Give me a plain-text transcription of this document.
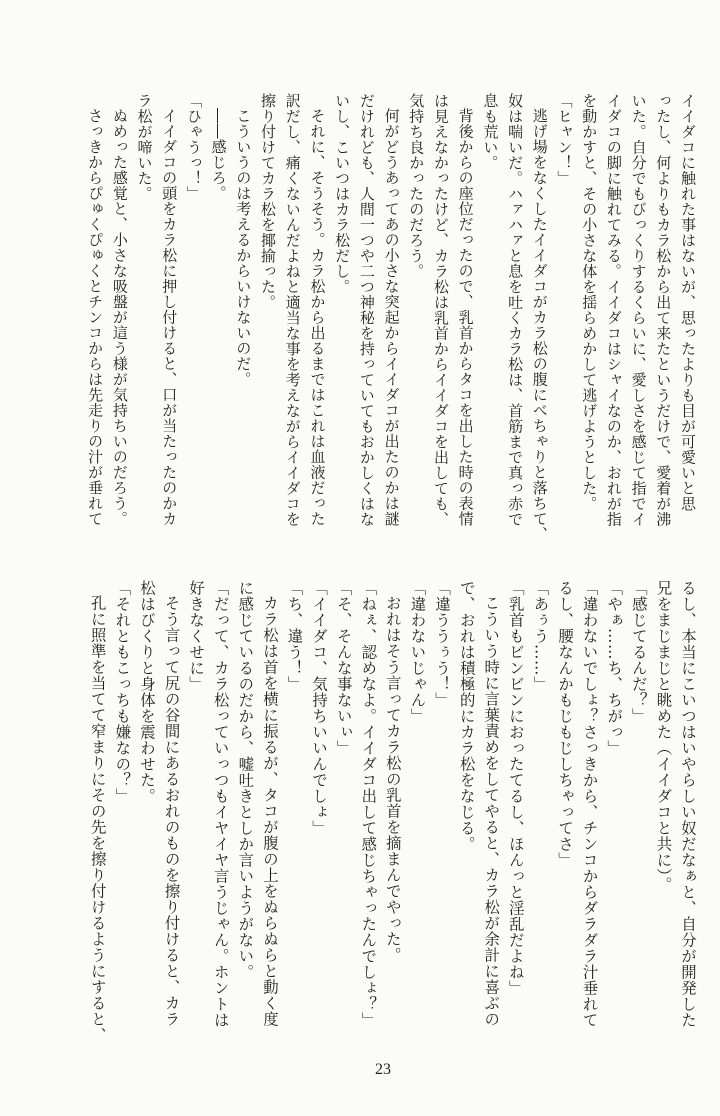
イイダコに触れた事はないが、思ったよりも目が可愛いと思
ったし、何よりもカラ松から出て来たというだけで、愛着が沸
いた。自分でもびっくりするくらいに、愛しさを感じて指でイ
イダコの脚に触れてみる。イイダコはシャイなのか、おれが指
を動かすと、その小さな体を揺らめかして逃げようとした。
「ヒャン！」
逃げ場をなくしたイイダコがカラ松の腹にべちゃりと落ちて、
奴は喘いだ。ハァハァと息を吐くカラ松は、首筋まで真っ赤で
息も荒い。
背後からの座位だったので、乳首からタコを出した時の表情
は見えなかったけど、カラ松は乳首からイイダコを出しても、
気持ち良かったのだろう。
何がどうあってあの小さな突起からイイダコが出たのかは謎
だけれども、人間一つや二つ神秘を持っていてもおかしくはな
いし、こいつはカラ松だし。
それに、そうそう。カラ松から出るまではこれは血液だった
訳だし、痛くないんだよねと適当な事を考えながらイイダコを
擦り付けてカラ松を揶揄った。
こういうのは考えるからいけないのだ。
――感じろ。
「ひゃうっ！」
イイダコの頭をカラ松に押し付けると、口が当たったのかカ
ラ松が啼いた。
ぬめった感覚と、小さな吸盤が這う様が気持ちいのだろう。
さっきからぴゅくぴゅくとチンコからは先走りの汁が垂れて
るし、本当にこいつはいやらしい奴だなぁと、自分が開発した
兄をまじまじと眺めた（イイダコと共に）。
「感じてるんだ？」
「やぁ……ち、ちがっ」
「違わないでしょ？さっきから、チンコからダラダラ汁垂れて
るし、腰なんかもじもじしちゃってさ」
「あぅう……」
「乳首もビンビンにおったてるし、ほんっと淫乱だよね」
こういう時に言葉責めをしてやると、カラ松が余計に喜ぶの
で、おれは積極的にカラ松をなじる。
「違ううぅう！」
「違わないじゃん」
おれはそう言ってカラ松の乳首を摘まんでやった。
「ねぇ、認めなよ。イイダコ出して感じちゃったんでしょ？」
「そ、そんな事ないぃ」
「イイダコ、気持ちいいんでしょ」
「ち、違う！」
カラ松は首を横に振るが、タコが腹の上をぬらぬらと動く度
に感じているのだから、嘘吐きとしか言いようがない。
「だって、カラ松っていっつもイヤイヤ言うじゃん。ホントは
好きなくせに」
そう言って尻の谷間にあるおれのものを擦り付けると、カラ
松はびくりと身体を震わせた。
「それともこっちも嫌なの？」
孔に照準を当てて窄まりにその先を擦り付けるようにすると、
23
